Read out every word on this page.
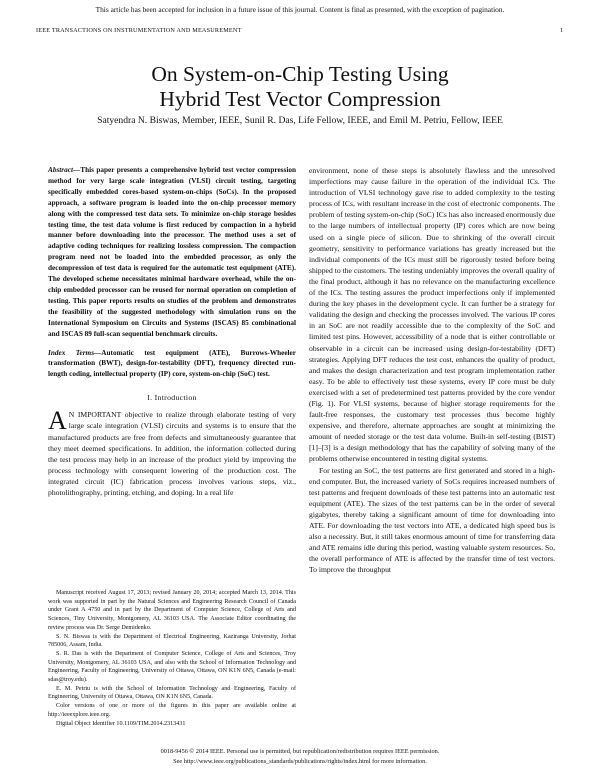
This article has been accepted for inclusion in a future issue of this journal. Content is final as presented, with the exception of pagination.
IEEE TRANSACTIONS ON INSTRUMENTATION AND MEASUREMENT	1
On System-on-Chip Testing Using
Hybrid Test Vector Compression
Satyendra N. Biswas, Member, IEEE, Sunil R. Das, Life Fellow, IEEE, and Emil M. Petriu, Fellow, IEEE

Abstract—This paper presents a comprehensive hybrid test vector compression method for very large scale integration (VLSI) circuit testing, targeting specifically embedded cores-based system-on-chips (SoCs). In the proposed approach, a software program is loaded into the on-chip processor memory along with the compressed test data sets. To minimize on-chip storage besides testing time, the test data volume is first reduced by compaction in a hybrid manner before downloading into the processor. The method uses a set of adaptive coding techniques for realizing lossless compression. The compaction program need not be loaded into the embedded processor, as only the decompression of test data is required for the automatic test equipment (ATE). The developed scheme necessitates minimal hardware overhead, while the on-chip embedded processor can be reused for normal operation on completion of testing. This paper reports results on studies of the problem and demonstrates the feasibility of the suggested methodology with simulation runs on the International Symposium on Circuits and Systems (ISCAS) 85 combinational and ISCAS 89 full-scan sequential benchmark circuits.

Index Terms—Automatic test equipment (ATE), Burrows-Wheeler transformation (BWT), design-for-testability (DFT), frequency directed run-length coding, intellectual property (IP) core, system-on-chip (SoC) test.

I. Introduction

A N IMPORTANT objective to realize through elaborate testing of very large scale integration (VLSI) circuits and systems is to ensure that the manufactured products are free from defects and simultaneously guarantee that they meet deemed specifications. In addition, the information collected during the test process may help in an increase of the product yield by improving the process technology with consequent lowering of the production cost. The integrated circuit (IC) fabrication process involves various steps, viz., photolithography, printing, etching, and doping. In a real life

Manuscript received August 17, 2013; revised January 20, 2014; accepted March 13, 2014. This work was supported in part by the Natural Sciences and Engineering Research Council of Canada under Grant A 4750 and in part by the Department of Computer Science, College of Arts and Sciences, Tiny University, Montgomery, AL 36103 USA. The Associate Editor coordinating the review process was Dr. Serge Demidenko.

S. N. Biswas is with the Department of Electrical Engineering, Kaziranga University, Jorhat 785006, Assam, India.

S. R. Das is with the Department of Computer Science, College of Arts and Sciences, Troy University, Montgomery, AL 36103 USA, and also with the School of Information Technology and Engineering, Faculty of Engineering, University of Ottawa, Ottawa, ON K1N 6N5, Canada (e-mail: sdas@troy.edu).

E. M. Petriu is with the School of Information Technology and Engineering, Faculty of Engineering, University of Ottawa, Ottawa, ON K1N 6N5, Canada.

Color versions of one or more of the figures in this paper are available online at http://ieeexplore.ieee.org.

Digital Object Identifier 10.1109/TIM.2014.2313431

environment, none of these steps is absolutely flawless and the unresolved imperfections may cause failure in the operation of the individual ICs. The introduction of VLSI technology gave rise to added complexity to the testing process of ICs, with resultant increase in the cost of electronic components. The problem of testing system-on-chip (SoC) ICs has also increased enormously due to the large numbers of intellectual property (IP) cores which are now being used on a single piece of silicon. Due to shrinking of the overall circuit geometry, sensitivity to performance variations has greatly increased but the individual components of the ICs must still be rigorously tested before being shipped to the customers. The testing undeniably improves the overall quality of the final product, although it has no relevance on the manufacturing excellence of the ICs. The testing assures the product imperfections only if implemented during the key phases in the development cycle. It can further be a strategy for validating the design and checking the processes involved. The various IP cores in an SoC are not readily accessible due to the complexity of the SoC and limited test pins. However, accessibility of a node that is either controllable or observable in a circuit can be increased using design-for-testability (DFT) strategies. Applying DFT reduces the test cost, enhances the quality of product, and makes the design characterization and test program implementation rather easy. To be able to effectively test these systems, every IP core must be duly exercised with a set of predetermined test patterns provided by the core vendor (Fig. 1). For VLSI systems, because of higher storage requirements for the fault-free responses, the customary test processes thus become highly expensive, and therefore, alternate approaches are sought at minimizing the amount of needed storage or the test data volume. Built-in self-testing (BIST) [1]–[3] is a design methodology that has the capability of solving many of the problems otherwise encountered in testing digital systems.

For testing an SoC, the test patterns are first generated and stored in a high-end computer. But, the increased variety of SoCs requires increased numbers of test patterns and frequent downloads of these test patterns into an automatic test equipment (ATE). The sizes of the test patterns can be in the order of several gigabytes, thereby taking a significant amount of time for downloading into ATE. For downloading the test vectors into ATE, a dedicated high speed bus is also a necessity. But, it still takes enormous amount of time for transferring data and ATE remains idle during this period, wasting valuable system resources. So, the overall performance of ATE is affected by the transfer time of test vectors. To improve the throughput

0018-9456 © 2014 IEEE. Personal use is permitted, but republication/redistribution requires IEEE permission.
See http://www.ieee.org/publications_standards/publications/rights/index.html for more information.
